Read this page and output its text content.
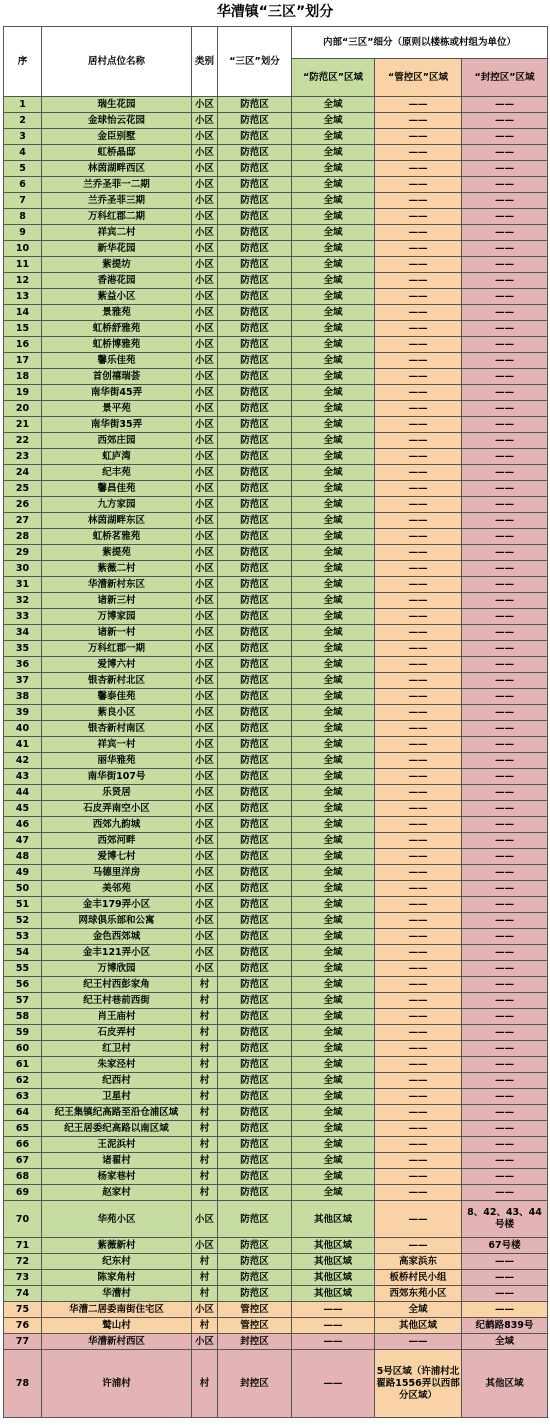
华漕镇“三区”划分
序	居村点位名称	类别	“三区”划分	内部“三区”细分（原则以楼栋或村组为单位）		
				“防范区”区域	“管控区”区域	“封控区”区域
1	瑞生花园	小区	防范区	全域	——	——
2	金球怡云花园	小区	防范区	全域	——	——
3	金臣别墅	小区	防范区	全域	——	——
4	虹桥晶邸	小区	防范区	全域	——	——
5	林茵湖畔西区	小区	防范区	全域	——	——
6	兰乔圣菲一二期	小区	防范区	全域	——	——
7	兰乔圣菲三期	小区	防范区	全域	——	——
8	万科红郡二期	小区	防范区	全域	——	——
9	祥宾二村	小区	防范区	全域	——	——
10	新华花园	小区	防范区	全域	——	——
11	紫提坊	小区	防范区	全域	——	——
12	香港花园	小区	防范区	全域	——	——
13	紫益小区	小区	防范区	全域	——	——
14	景雅苑	小区	防范区	全域	——	——
15	虹桥舒雅苑	小区	防范区	全域	——	——
16	虹桥博雅苑	小区	防范区	全域	——	——
17	馨乐佳苑	小区	防范区	全域	——	——
18	首创禧瑞荟	小区	防范区	全域	——	——
19	南华街45弄	小区	防范区	全域	——	——
20	景平苑	小区	防范区	全域	——	——
21	南华街35弄	小区	防范区	全域	——	——
22	西郊庄园	小区	防范区	全域	——	——
23	虹庐湾	小区	防范区	全域	——	——
24	纪丰苑	小区	防范区	全域	——	——
25	馨昌佳苑	小区	防范区	全域	——	——
26	九方家园	小区	防范区	全域	——	——
27	林茵湖畔东区	小区	防范区	全域	——	——
28	虹桥茗雅苑	小区	防范区	全域	——	——
29	紫提苑	小区	防范区	全域	——	——
30	紫薇二村	小区	防范区	全域	——	——
31	华漕新村东区	小区	防范区	全域	——	——
32	诸新三村	小区	防范区	全域	——	——
33	万博家园	小区	防范区	全域	——	——
34	诸新一村	小区	防范区	全域	——	——
35	万科红郡一期	小区	防范区	全域	——	——
36	爱博六村	小区	防范区	全域	——	——
37	银杏新村北区	小区	防范区	全域	——	——
38	馨泰佳苑	小区	防范区	全域	——	——
39	紫良小区	小区	防范区	全域	——	——
40	银杏新村南区	小区	防范区	全域	——	——
41	祥宾一村	小区	防范区	全域	——	——
42	丽华雅苑	小区	防范区	全域	——	——
43	南华街107号	小区	防范区	全域	——	——
44	乐贤居	小区	防范区	全域	——	——
45	石皮弄南空小区	小区	防范区	全域	——	——
46	西郊九韵城	小区	防范区	全域	——	——
47	西郊河畔	小区	防范区	全域	——	——
48	爱博七村	小区	防范区	全域	——	——
49	马德里洋房	小区	防范区	全域	——	——
50	美邻苑	小区	防范区	全域	——	——
51	金丰179弄小区	小区	防范区	全域	——	——
52	网球俱乐部和公寓	小区	防范区	全域	——	——
53	金色西郊城	小区	防范区	全域	——	——
54	金丰121弄小区	小区	防范区	全域	——	——
55	万博欣园	小区	防范区	全域	——	——
56	纪王村西彭家角	村	防范区	全域	——	——
57	纪王村巷前西街	村	防范区	全域	——	——
58	肖王庙村	村	防范区	全域	——	——
59	石皮弄村	村	防范区	全域	——	——
60	红卫村	村	防范区	全域	——	——
61	朱家泾村	村	防范区	全域	——	——
62	纪西村	村	防范区	全域	——	——
63	卫星村	村	防范区	全域	——	——
64	纪王集镇纪高路至沿仓浦区域	村	防范区	全域	——	——
65	纪王居委纪高路以南区域	村	防范区	全域	——	——
66	王泥浜村	村	防范区	全域	——	——
67	诸翟村	村	防范区	全域	——	——
68	杨家巷村	村	防范区	全域	——	——
69	赵家村	村	防范区	全域	——	——
70	华苑小区	小区	防范区	其他区域	——	8、42、43、44号楼
71	紫薇新村	小区	防范区	其他区域	——	67号楼
72	纪东村	村	防范区	其他区域	高家浜东	——
73	陈家角村	村	防范区	其他区域	板桥村民小组	——
74	华漕村	村	防范区	其他区域	西郊东苑小区	——
75	华漕二居委南街住宅区	小区	管控区	——	全域	——
76	鹫山村	村	管控区	——	其他区域	纪鹤路839号
77	华漕新村西区	小区	封控区	——	——	全域
78	许浦村	村	封控区	——	5号区域（许浦村北翟路1556弄以西部分区域）	其他区域
